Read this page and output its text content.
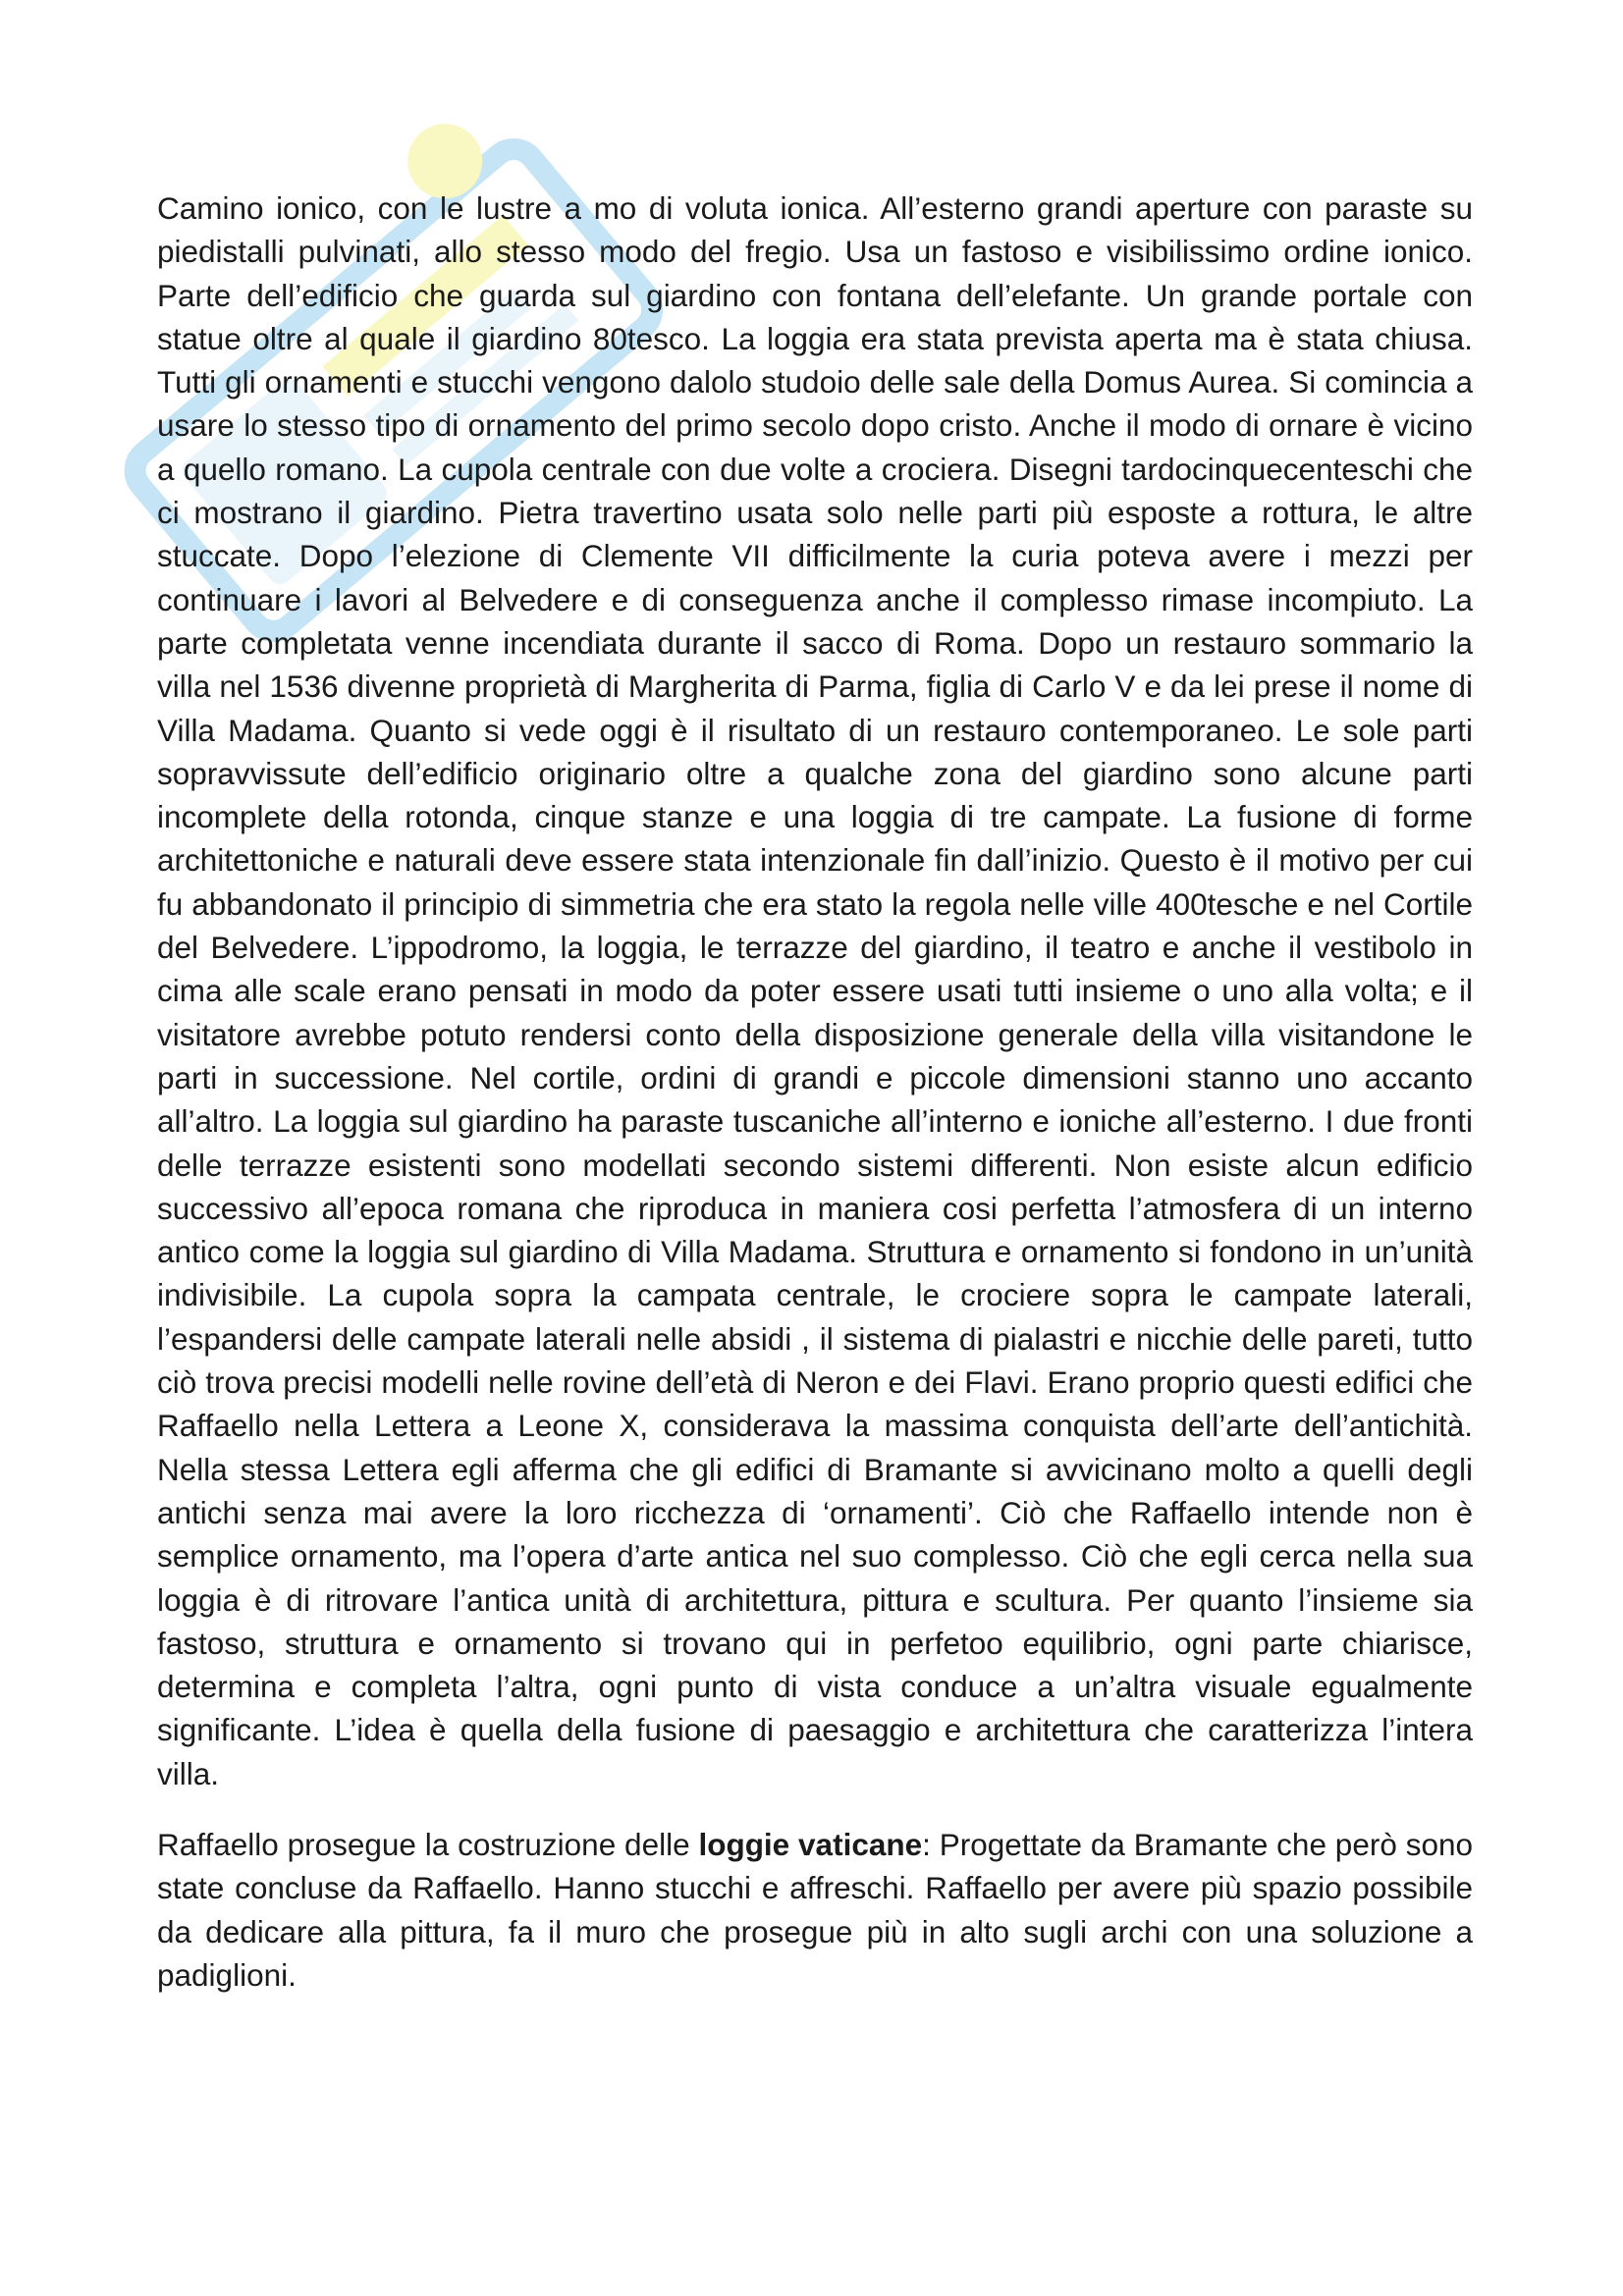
Camino ionico, con le lustre a mo di voluta ionica. All’esterno grandi aperture con paraste su piedistalli pulvinati, allo stesso modo del fregio. Usa un fastoso e visibilissimo ordine ionico. Parte dell’edificio che guarda sul giardino con fontana dell’elefante. Un grande portale con statue oltre al quale il giardino 80tesco. La loggia era stata prevista aperta ma è stata chiusa. Tutti gli ornamenti e stucchi vengono dalolo studoio delle sale della Domus Aurea. Si comincia a usare lo stesso tipo di ornamento del primo secolo dopo cristo. Anche il modo di ornare è vicino a quello romano. La cupola centrale con due volte a crociera. Disegni tardocinquecenteschi che ci mostrano il giardino. Pietra travertino usata solo nelle parti più esposte a rottura, le altre stuccate. Dopo l’elezione di Clemente VII difficilmente la curia poteva avere i mezzi per continuare i lavori al Belvedere e di conseguenza anche il complesso rimase incompiuto. La parte completata venne incendiata durante il sacco di Roma. Dopo un restauro sommario la villa nel 1536 divenne proprietà di Margherita di Parma, figlia di Carlo V e da lei prese il nome di Villa Madama. Quanto si vede oggi è il risultato di un restauro contemporaneo. Le sole parti sopravvissute dell’edificio originario oltre a qualche zona del giardino sono alcune parti incomplete della rotonda, cinque stanze e una loggia di tre campate. La fusione di forme architettoniche e naturali deve essere stata intenzionale fin dall’inizio. Questo è il motivo per cui fu abbandonato il principio di simmetria che era stato la regola nelle ville 400tesche e nel Cortile del Belvedere. L’ippodromo, la loggia, le terrazze del giardino, il teatro e anche il vestibolo in cima alle scale erano pensati in modo da poter essere usati tutti insieme o uno alla volta; e il visitatore avrebbe potuto rendersi conto della disposizione generale della villa visitandone le parti in successione. Nel cortile, ordini di grandi e piccole dimensioni stanno uno accanto all’altro. La loggia sul giardino ha paraste tuscaniche all’interno e ioniche all’esterno. I due fronti delle terrazze esistenti sono modellati secondo sistemi differenti. Non esiste alcun edificio successivo all’epoca romana che riproduca in maniera cosi perfetta l’atmosfera di un interno antico come la loggia sul giardino di Villa Madama. Struttura e ornamento si fondono in un’unità indivisibile. La cupola sopra la campata centrale, le crociere sopra le campate laterali, l’espandersi delle campate laterali nelle absidi , il sistema di pialastri e nicchie delle pareti, tutto ciò trova precisi modelli nelle rovine dell’età di Neron e dei Flavi. Erano proprio questi edifici che Raffaello nella Lettera a Leone X, considerava la massima conquista dell’arte dell’antichità. Nella stessa Lettera egli afferma che gli edifici di Bramante si avvicinano molto a quelli degli antichi senza mai avere la loro ricchezza di ‘ornamenti’. Ciò che Raffaello intende non è semplice ornamento, ma l’opera d’arte antica nel suo complesso. Ciò che egli cerca nella sua loggia è di ritrovare l’antica unità di architettura, pittura e scultura. Per quanto l’insieme sia fastoso, struttura e ornamento si trovano qui in perfetoo equilibrio, ogni parte chiarisce, determina e completa l’altra, ogni punto di vista conduce a un’altra visuale egualmente significante. L’idea è quella della fusione di paesaggio e architettura che caratterizza l’intera villa.

Raffaello prosegue la costruzione delle loggie vaticane: Progettate da Bramante che però sono state concluse da Raffaello. Hanno stucchi e affreschi. Raffaello per avere più spazio possibile da dedicare alla pittura, fa il muro che prosegue più in alto sugli archi con una soluzione a padiglioni.
